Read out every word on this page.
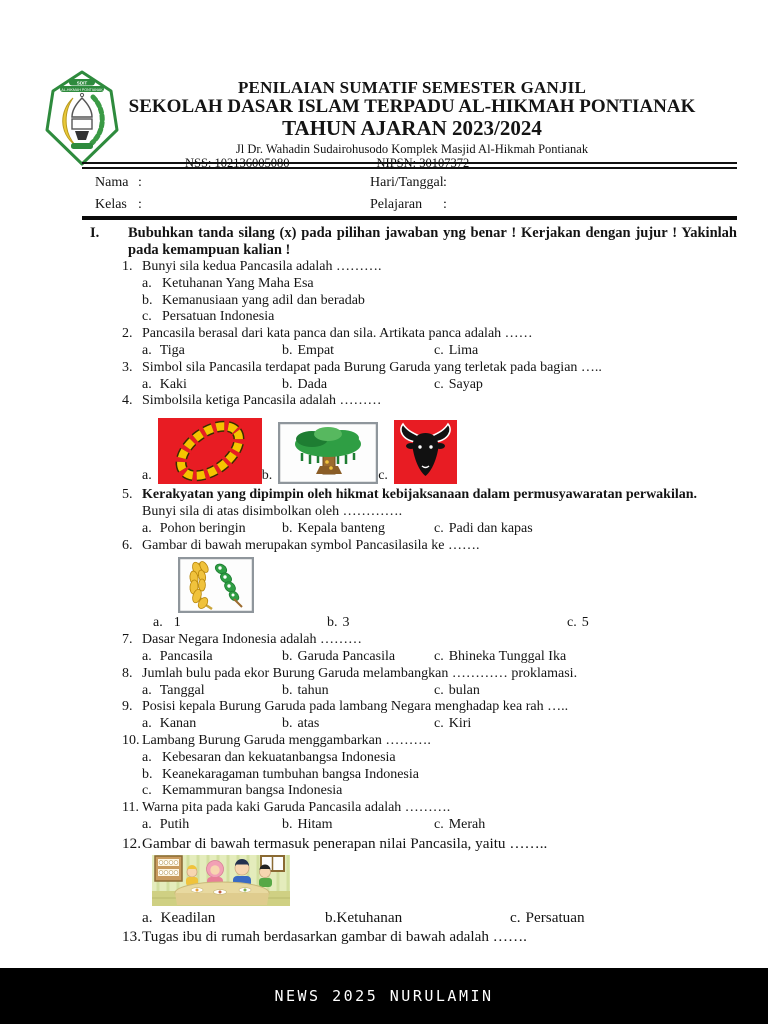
SDIT
AL-HIKMAH PONTIANAK	PENILAIAN SUMATIF SEMESTER GANJIL
SEKOLAH DASAR ISLAM TERPADU AL-HIKMAH PONTIANAK
TAHUN AJARAN 2023/2024
Jl Dr. Wahadin Sudairohusodo Komplek Masjid Al-Hikmah Pontianak
NSS: 102136005080	NIPSN: 30107372
Nama :	Hari/Tanggal :
Kelas :	Pelajaran :
I.	Bubuhkan tanda silang (x) pada pilihan jawaban yng benar ! Kerjakan dengan jujur ! Yakinlah pada kemampuan kalian !
1. Bunyi sila kedua Pancasila adalah ……….
a. Ketuhanan Yang Maha Esa
b. Kemanusiaan yang adil dan beradab
c. Persatuan Indonesia
2. Pancasila berasal dari kata panca dan sila. Artikata panca adalah ……
a. Tiga	b. Empat	c. Lima
3. Simbol sila Pancasila terdapat pada Burung Garuda yang terletak pada bagian …..
a. Kaki	b. Dada	c. Sayap
4. Simbolsila ketiga Pancasila adalah ………
a.	b.	c.
5. Kerakyatan yang dipimpin oleh hikmat kebijaksanaan dalam permusyawaratan perwakilan.
Bunyi sila di atas disimbolkan oleh ………….
a. Pohon beringin	b. Kepala banteng	c. Padi dan kapas
6. Gambar di bawah merupakan symbol Pancasilasila ke …….
a. 1	b. 3	c. 5
7. Dasar Negara Indonesia adalah ………
a. Pancasila	b. Garuda Pancasila	c. Bhineka Tunggal Ika
8. Jumlah bulu pada ekor Burung Garuda melambangkan ………… proklamasi.
a. Tanggal	b. tahun	c. bulan
9. Posisi kepala Burung Garuda pada lambang Negara menghadap kea rah …..
a. Kanan	b. atas	c. Kiri
10. Lambang Burung Garuda menggambarkan ……….
a. Kebesaran dan kekuatanbangsa Indonesia
b. Keanekaragaman tumbuhan bangsa Indonesia
c. Kemammuran bangsa Indonesia
11. Warna pita pada kaki Garuda Pancasila adalah ……….
a. Putih	b. Hitam	c. Merah
12. Gambar di bawah termasuk penerapan nilai Pancasila, yaitu ……..
a. Keadilan	b.Ketuhanan	c. Persatuan
13. Tugas ibu di rumah berdasarkan gambar di bawah adalah …….
NEWS 2025 NURULAMIN
